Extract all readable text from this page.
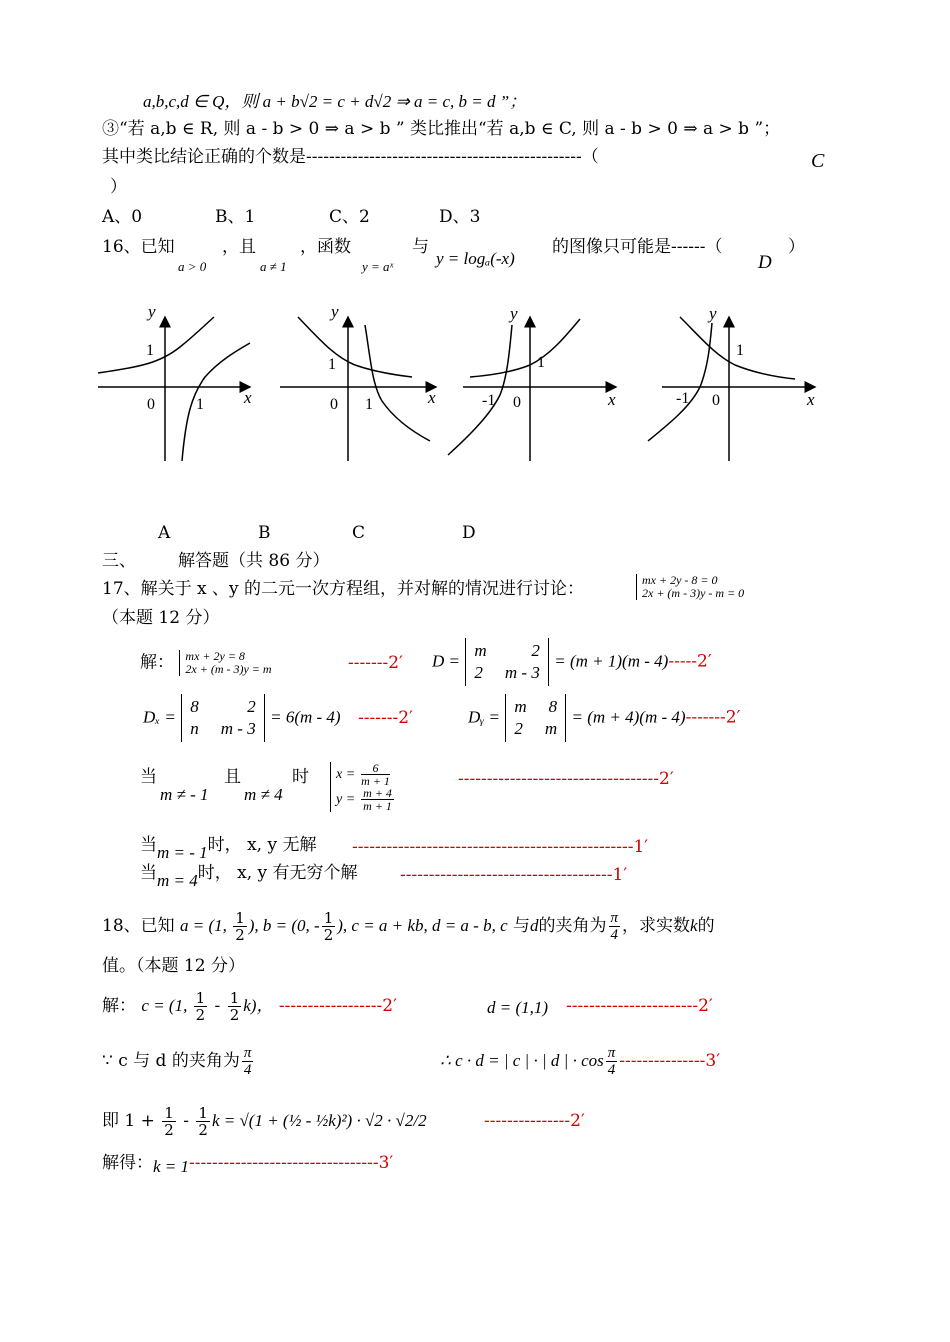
a,b,c,d ∈ Q，则 a + b√2 = c + d√2 ⇒ a = c, b = d ”；
③“若 a,b ∈ R, 则 a - b > 0 ⇒ a > b ” 类比推出“若 a,b ∈ C, 则 a - b > 0 ⇒ a > b ”；
其中类比结论正确的个数是------------------------------------------------（	C
）
A、0	B、1	C、2	D、3
16、已知
a > 0
，且
a ≠ 1
，函数
y = aˣ
与
y = logₐ(-x)
的图像只可能是------（
D
）
y
x
1
0	1
y
x
1
0 1
y
x
1
-1 0
y
x
1
-1 0
A	B	C	D
三、 解答题（共 86 分）
17、解关于 x 、y 的二元一次方程组，并对解的情况进行讨论：	mx + 2y - 8 = 0
2x + (m - 3)y - m = 0
（本题 12 分）
解： mx + 2y = 8
2x + (m - 3)y = m	-------2′ D =
m	2
2 m - 3
= (m + 1)(m - 4)-----2′
Dₓ =
8	2
n m - 3
= 6(m - 4) -------2′	Dᵧ =
m 8
2 m
= (m + 4)(m - 4)-------2′
当
m ≠ - 1
且
m ≠ 4
时 $x = \frac{6}{m + 1}$
$y = \frac{m + 4}{m + 1}$
-----------------------------------2′
当m = - 1时， x, y 无解 -------------------------------------------------1′
当m = 4时， x, y 有无穷个解 -------------------------------------1′
18、已知 a = (1, $\frac{1}{2}$ ), b = (0, - $\frac{1}{2}$ ), c = a + kb, d = a - b, c 与d的夹角为 $\frac{\pi}{4}$ ，求实数k的
值。（本题 12 分）
解： c = (1, $\frac{1}{2} - \frac{1}{2} k$)， ------------------2′	d = (1,1) -----------------------2′
∵ c 与 d 的夹角为 $\frac{\pi}{4}$	∴ c · d = | c | · | d | · $\cos \frac{\pi}{4} ---------------3'$
即 $1 + \frac{1}{2} - \frac{1}{2}$ k = √(1 + (½ - ½k)²) · √2 · √2/2	---------------2′
解得：k = 1---------------------------------3′
